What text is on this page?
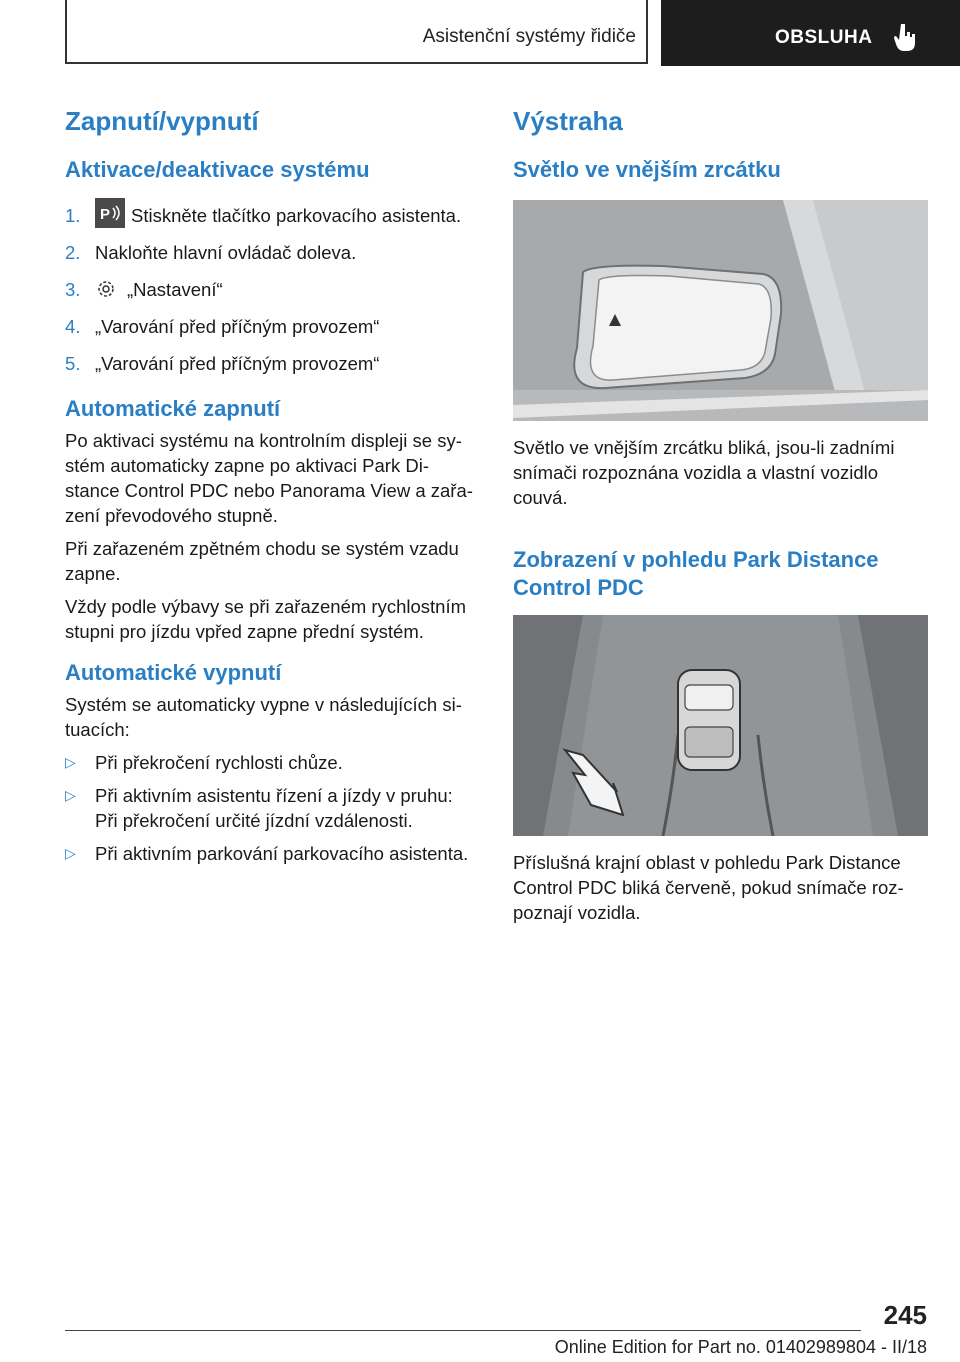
Asistenční systémy řidiče	OBSLUHA
Zapnutí/vypnutí
Aktivace/deaktivace systému
1. P Stiskněte tlačítko parkovacího asistenta.
2. Nakloňte hlavní ovládač doleva.
3.	„Nastavení“
4. „Varování před příčným provozem“
5. „Varování před příčným provozem“
Automatické zapnutí

Po aktivaci systému na kontrolním displeji se sy-stém automaticky zapne po aktivaci Park Di-stance Control PDC nebo Panorama View a zařa-zení převodového stupně.

Při zařazeném zpětném chodu se systém vzadu zapne.

Vždy podle výbavy se při zařazeném rychlostním stupni pro jízdu vpřed zapne přední systém.

Automatické vypnutí

Systém se automaticky vypne v následujících si-tuacích:

▷ Při překročení rychlosti chůze.
▷ Při aktivním asistentu řízení a jízdy v pruhu: Při překročení určité jízdní vzdálenosti.
▷ Při aktivním parkování parkovacího asistenta.
Výstraha
Světlo ve vnějším zrcátku

Světlo ve vnějším zrcátku bliká, jsou-li zadními snímači rozpoznána vozidla a vlastní vozidlo couvá.

Zobrazení v pohledu Park Distance Control PDC

Příslušná krajní oblast v pohledu Park Distance Control PDC bliká červeně, pokud snímače roz-poznají vozidla.

245
Online Edition for Part no. 01402989804 - II/18
